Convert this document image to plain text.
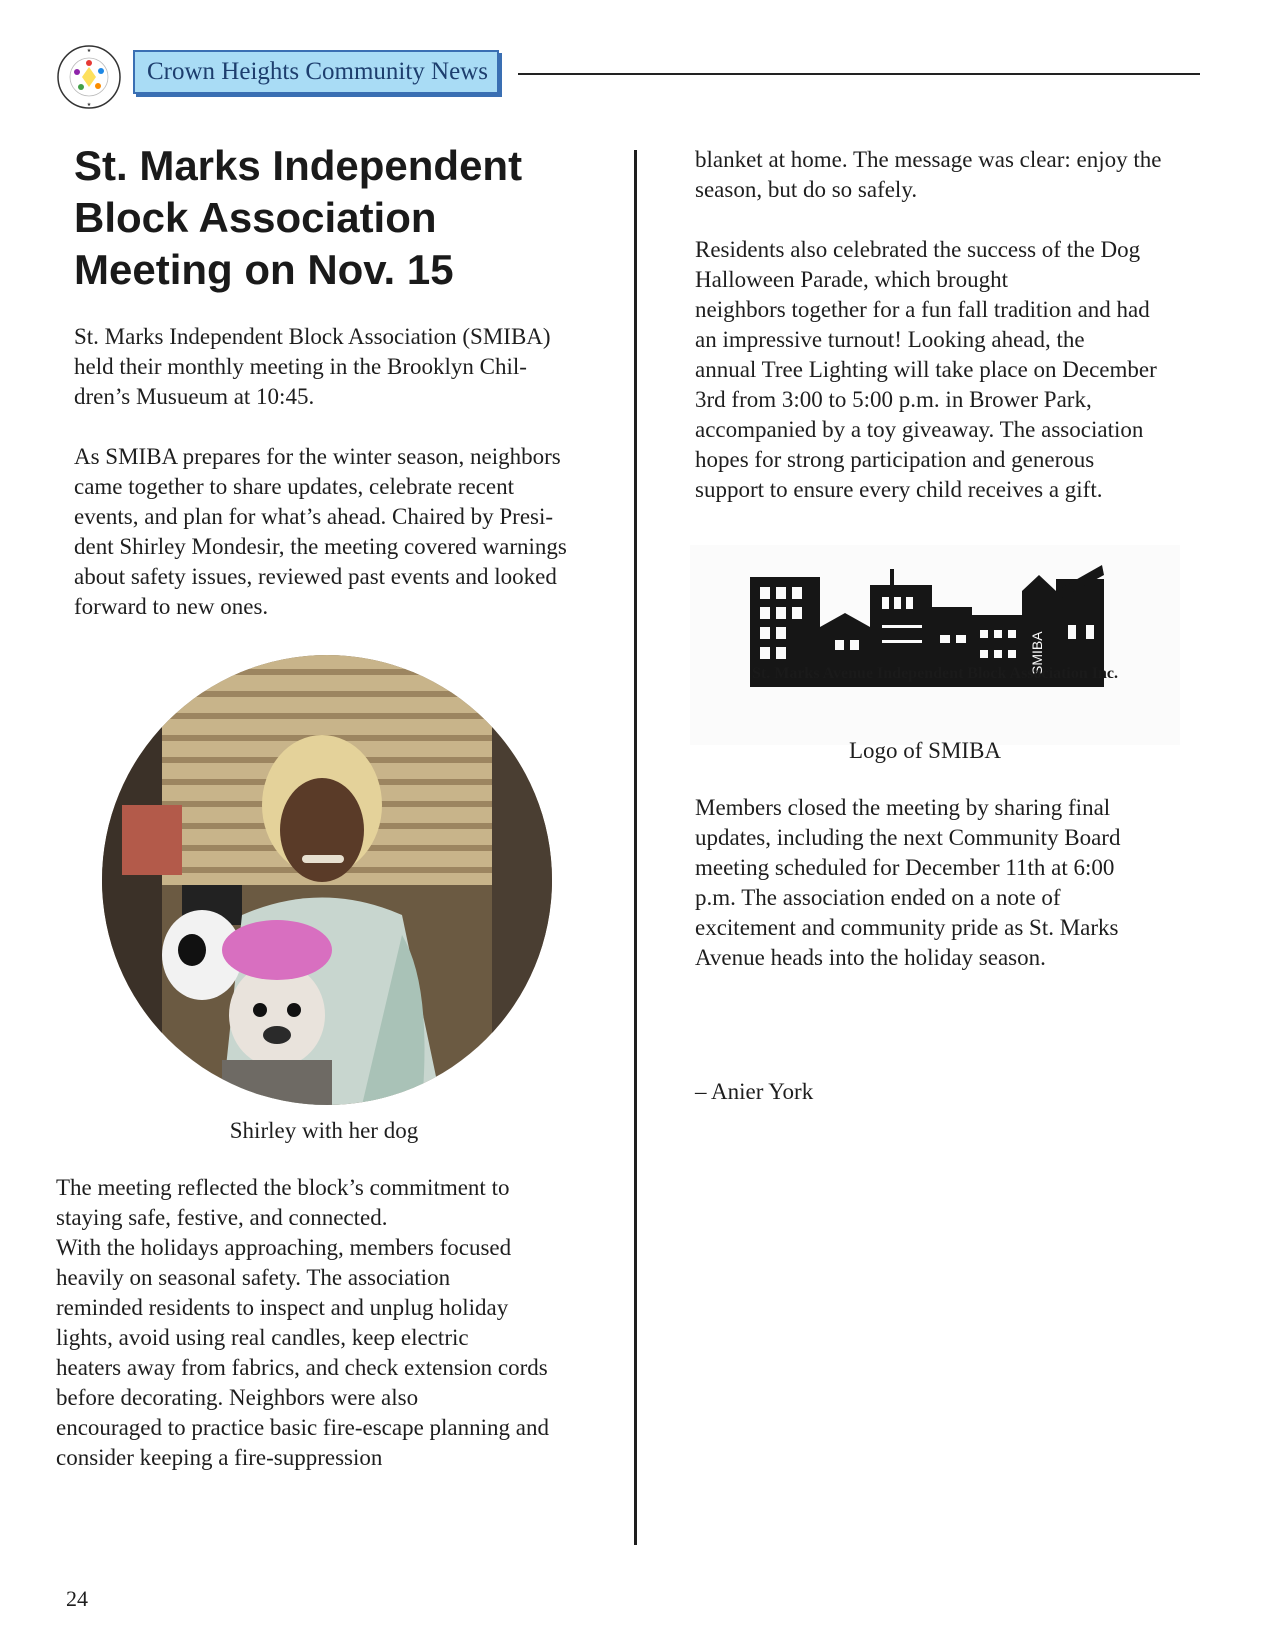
★
★
Crown Heights Community News
St. Marks Independent Block Association Meeting on Nov. 15

St. Marks Independent Block Association (SMIBA)
held their monthly meeting in the Brooklyn Chil-
dren’s Musueum at 10:45.

As SMIBA prepares for the winter season, neighbors
came together to share updates, celebrate recent
events, and plan for what’s ahead. Chaired by Presi-
dent Shirley Mondesir, the meeting covered warnings
about safety issues, reviewed past events and looked
forward to new ones.

Shirley with her dog

The meeting reflected the block’s commitment to
staying safe, festive, and connected.
With the holidays approaching, members focused
heavily on seasonal safety. The association
reminded residents to inspect and unplug holiday
lights, avoid using real candles, keep electric
heaters away from fabrics, and check extension cords
before decorating. Neighbors were also
encouraged to practice basic fire-escape planning and
consider keeping a fire-suppression

blanket at home. The message was clear: enjoy the
season, but do so safely.

Residents also celebrated the success of the Dog
Halloween Parade, which brought
neighbors together for a fun fall tradition and had
an impressive turnout! Looking ahead, the
annual Tree Lighting will take place on December
3rd from 3:00 to 5:00 p.m. in Brower Park,
accompanied by a toy giveaway. The association
hopes for strong participation and generous
support to ensure every child receives a gift.

SMIBA
St. Marks Avenue Independent Block Association Inc.
Logo of SMIBA

Members closed the meeting by sharing final
updates, including the next Community Board
meeting scheduled for December 11th at 6:00
p.m. The association ended on a note of
excitement and community pride as St. Marks
Avenue heads into the holiday season.

– Anier York
24
